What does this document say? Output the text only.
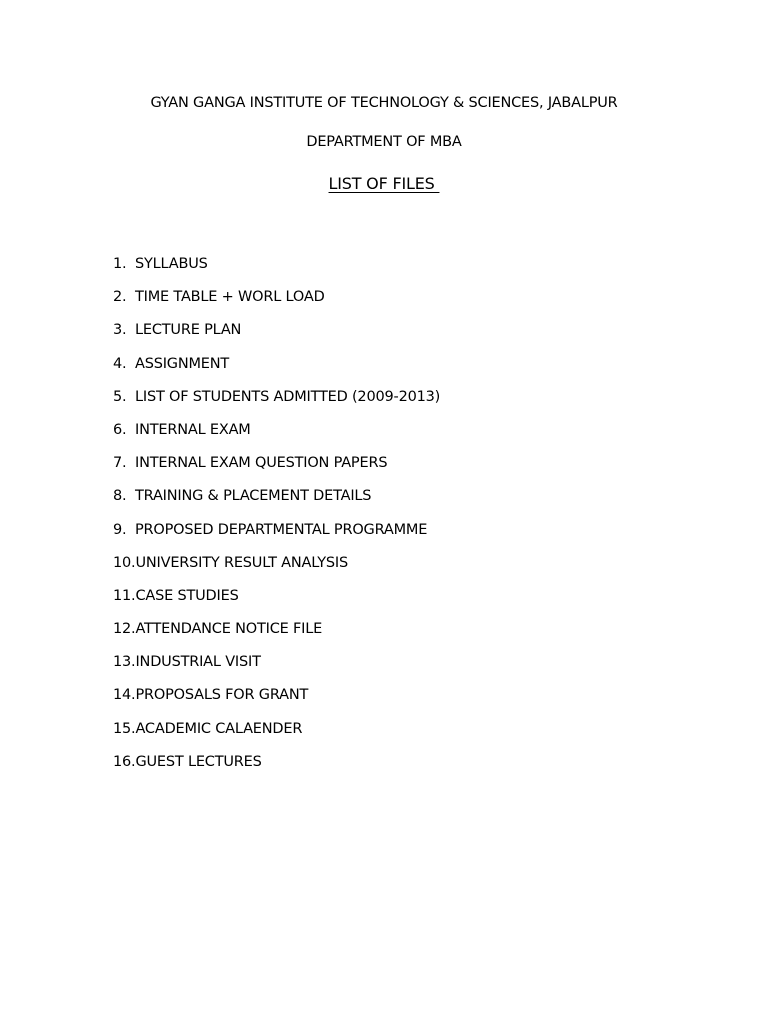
GYAN GANGA INSTITUTE OF TECHNOLOGY & SCIENCES, JABALPUR
DEPARTMENT OF MBA
LIST OF FILES
1. SYLLABUS
2. TIME TABLE + WORL LOAD
3. LECTURE PLAN
4. ASSIGNMENT
5. LIST OF STUDENTS ADMITTED (2009-2013)
6. INTERNAL EXAM
7. INTERNAL EXAM QUESTION PAPERS
8. TRAINING & PLACEMENT DETAILS
9. PROPOSED DEPARTMENTAL PROGRAMME
10. UNIVERSITY RESULT ANALYSIS
11. CASE STUDIES
12. ATTENDANCE NOTICE FILE
13. INDUSTRIAL VISIT
14. PROPOSALS FOR GRANT
15. ACADEMIC CALAENDER
16. GUEST LECTURES
